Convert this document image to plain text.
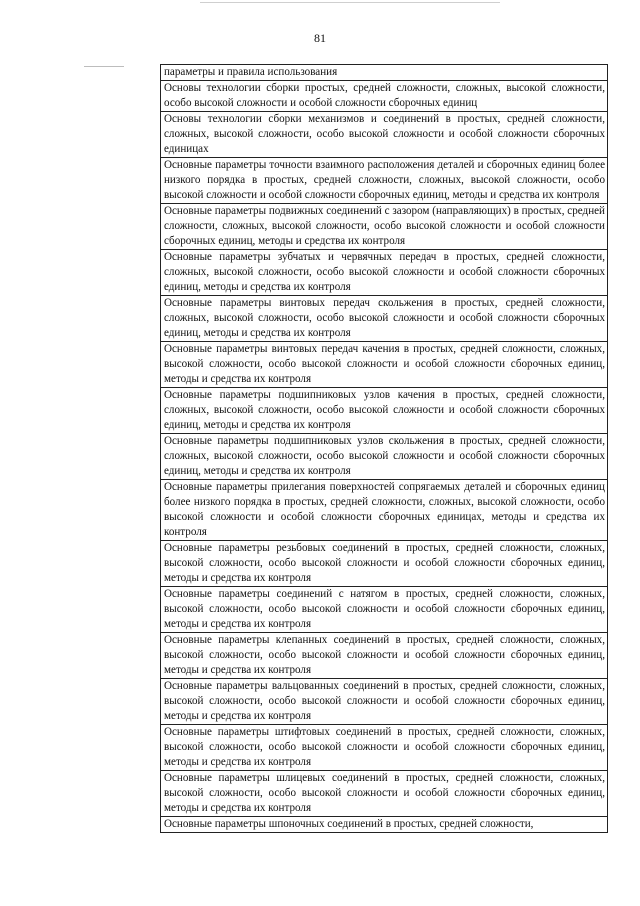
81
параметры и правила использования
Основы технологии сборки простых, средней сложности, сложных, высокой сложности, особо высокой сложности и особой сложности сборочных единиц
Основы технологии сборки механизмов и соединений в простых, средней сложности, сложных, высокой сложности, особо высокой сложности и особой сложности сборочных единицах
Основные параметры точности взаимного расположения деталей и сборочных единиц более низкого порядка в простых, средней сложности, сложных, высокой сложности, особо высокой сложности и особой сложности сборочных единиц, методы и средства их контроля
Основные параметры подвижных соединений с зазором (направляющих) в простых, средней сложности, сложных, высокой сложности, особо высокой сложности и особой сложности сборочных единиц, методы и средства их контроля
Основные параметры зубчатых и червячных передач в простых, средней сложности, сложных, высокой сложности, особо высокой сложности и особой сложности сборочных единиц, методы и средства их контроля
Основные параметры винтовых передач скольжения в простых, средней сложности, сложных, высокой сложности, особо высокой сложности и особой сложности сборочных единиц, методы и средства их контроля
Основные параметры винтовых передач качения в простых, средней сложности, сложных, высокой сложности, особо высокой сложности и особой сложности сборочных единиц, методы и средства их контроля
Основные параметры подшипниковых узлов качения в простых, средней сложности, сложных, высокой сложности, особо высокой сложности и особой сложности сборочных единиц, методы и средства их контроля
Основные параметры подшипниковых узлов скольжения в простых, средней сложности, сложных, высокой сложности, особо высокой сложности и особой сложности сборочных единиц, методы и средства их контроля
Основные параметры прилегания поверхностей сопрягаемых деталей и сборочных единиц более низкого порядка в простых, средней сложности, сложных, высокой сложности, особо высокой сложности и особой сложности сборочных единицах, методы и средства их контроля
Основные параметры резьбовых соединений в простых, средней сложности, сложных, высокой сложности, особо высокой сложности и особой сложности сборочных единиц, методы и средства их контроля
Основные параметры соединений с натягом в простых, средней сложности, сложных, высокой сложности, особо высокой сложности и особой сложности сборочных единиц, методы и средства их контроля
Основные параметры клепанных соединений в простых, средней сложности, сложных, высокой сложности, особо высокой сложности и особой сложности сборочных единиц, методы и средства их контроля
Основные параметры вальцованных соединений в простых, средней сложности, сложных, высокой сложности, особо высокой сложности и особой сложности сборочных единиц, методы и средства их контроля
Основные параметры штифтовых соединений в простых, средней сложности, сложных, высокой сложности, особо высокой сложности и особой сложности сборочных единиц, методы и средства их контроля
Основные параметры шлицевых соединений в простых, средней сложности, сложных, высокой сложности, особо высокой сложности и особой сложности сборочных единиц, методы и средства их контроля
Основные параметры шпоночных соединений в простых, средней сложности,
